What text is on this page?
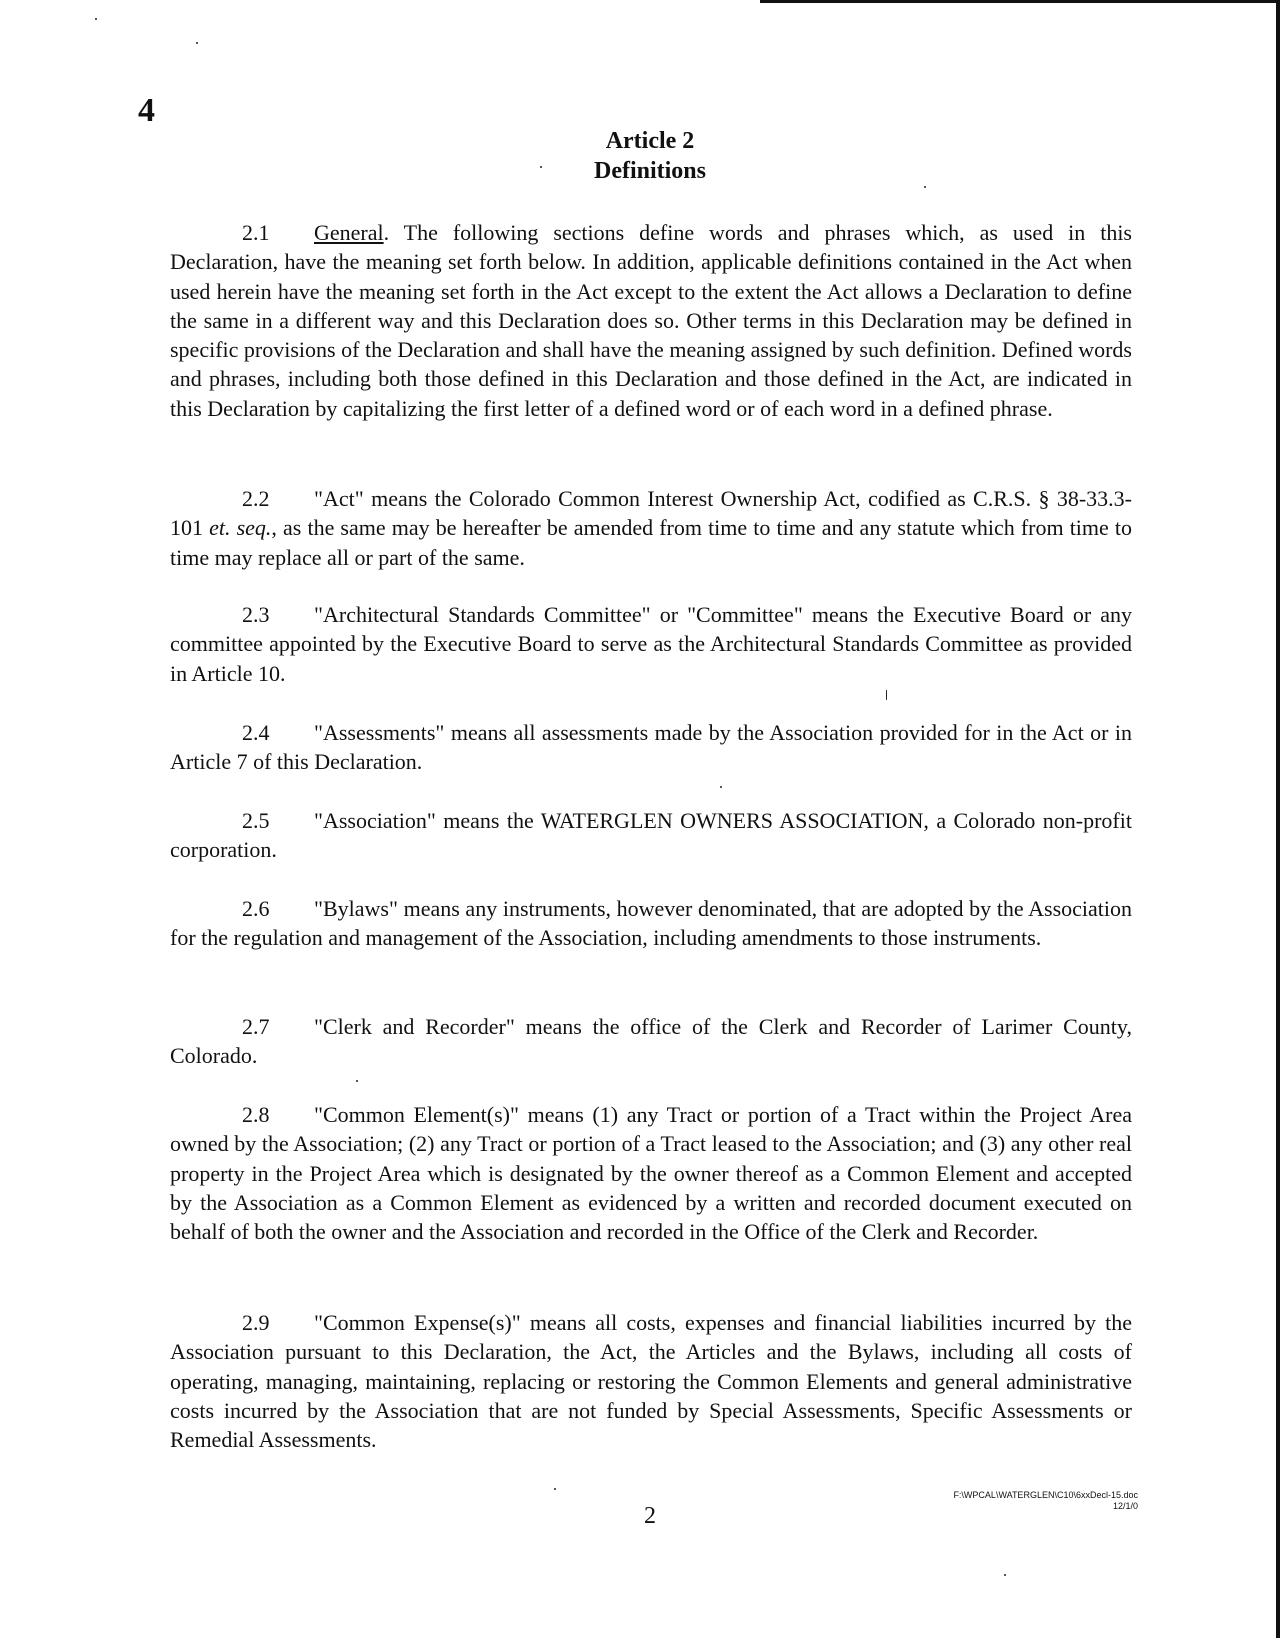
4
Article 2
Definitions
2.1 General. The following sections define words and phrases which, as used in this Declaration, have the meaning set forth below. In addition, applicable definitions contained in the Act when used herein have the meaning set forth in the Act except to the extent the Act allows a Declaration to define the same in a different way and this Declaration does so. Other terms in this Declaration may be defined in specific provisions of the Declaration and shall have the meaning assigned by such definition. Defined words and phrases, including both those defined in this Declaration and those defined in the Act, are indicated in this Declaration by capitalizing the first letter of a defined word or of each word in a defined phrase.
2.2 "Act" means the Colorado Common Interest Ownership Act, codified as C.R.S. § 38-33.3-101 et. seq., as the same may be hereafter be amended from time to time and any statute which from time to time may replace all or part of the same.
2.3 "Architectural Standards Committee" or "Committee" means the Executive Board or any committee appointed by the Executive Board to serve as the Architectural Standards Committee as provided in Article 10.
2.4 "Assessments" means all assessments made by the Association provided for in the Act or in Article 7 of this Declaration.
2.5 "Association" means the WATERGLEN OWNERS ASSOCIATION, a Colorado non-profit corporation.
2.6 "Bylaws" means any instruments, however denominated, that are adopted by the Association for the regulation and management of the Association, including amendments to those instruments.
2.7 "Clerk and Recorder" means the office of the Clerk and Recorder of Larimer County, Colorado.
2.8 "Common Element(s)" means (1) any Tract or portion of a Tract within the Project Area owned by the Association; (2) any Tract or portion of a Tract leased to the Association; and (3) any other real property in the Project Area which is designated by the owner thereof as a Common Element and accepted by the Association as a Common Element as evidenced by a written and recorded document executed on behalf of both the owner and the Association and recorded in the Office of the Clerk and Recorder.
2.9 "Common Expense(s)" means all costs, expenses and financial liabilities incurred by the Association pursuant to this Declaration, the Act, the Articles and the Bylaws, including all costs of operating, managing, maintaining, replacing or restoring the Common Elements and general administrative costs incurred by the Association that are not funded by Special Assessments, Specific Assessments or Remedial Assessments.
F:\WPCAL\WATERGLEN\C10\6xxDecl-15.doc
12/1/0
2
